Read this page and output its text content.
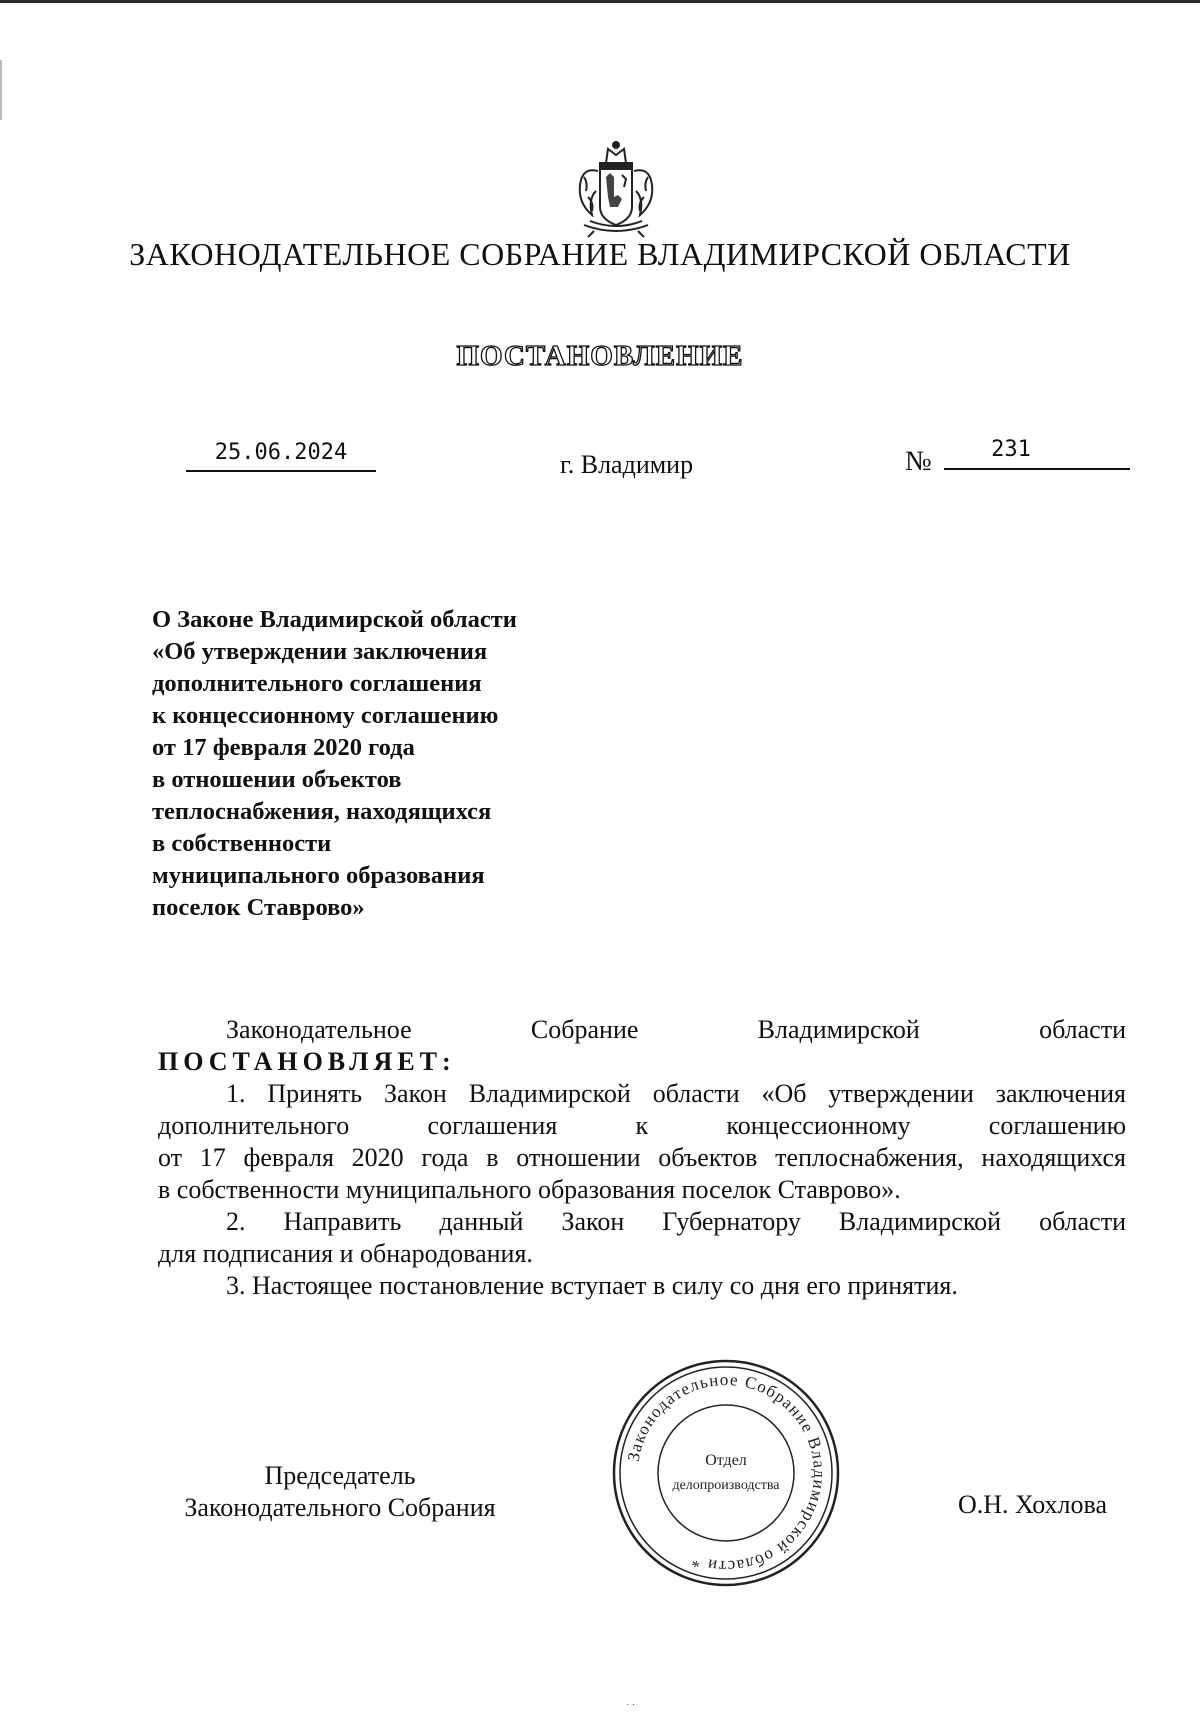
ЗАКОНОДАТЕЛЬНОЕ СОБРАНИЕ ВЛАДИМИРСКОЙ ОБЛАСТИ
ПОСТАНОВЛЕНИЕ
25.06.2024	г. Владимир	№	231
О Законе Владимирской области
«Об утверждении заключения
дополнительного соглашения
к концессионному соглашению
от 17 февраля 2020 года
в отношении объектов
теплоснабжения, находящихся
в собственности
муниципального образования
поселок Ставрово»
Законодательное Собрание Владимирской области
ПОСТАНОВЛЯЕТ:
1. Принять Закон Владимирской области «Об утверждении заключения
дополнительного соглашения к концессионному соглашению
от 17 февраля 2020 года в отношении объектов теплоснабжения, находящихся
в собственности муниципального образования поселок Ставрово».
2. Направить данный Закон Губернатору Владимирской области
для подписания и обнародования.
3. Настоящее постановление вступает в силу со дня его принятия.
Председатель
Законодательного Собрания	О.Н. Хохлова
Законодательное Собрание Владимирской области *
Отдел
делопроизводства
· ·
